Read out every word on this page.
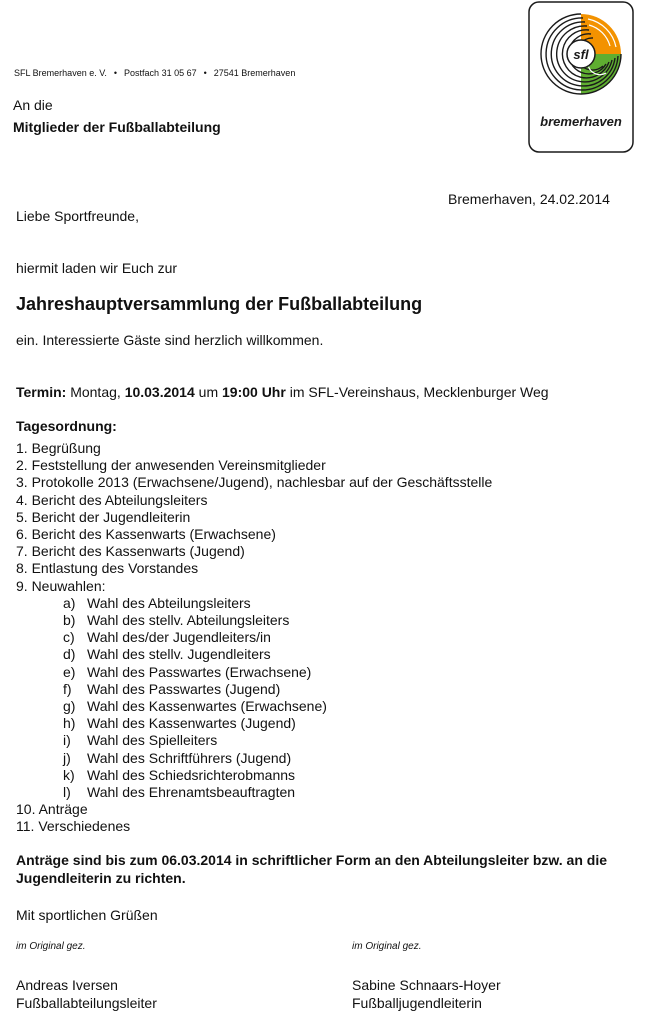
SFL Bremerhaven e. V. • Postfach 31 05 67 • 27541 Bremerhaven
An die
Mitglieder der Fußballabteilung
sfl
bremerhaven
Bremerhaven, 24.02.2014
Liebe Sportfreunde,
hiermit laden wir Euch zur
Jahreshauptversammlung der Fußballabteilung
ein. Interessierte Gäste sind herzlich willkommen.
Termin: Montag, 10.03.2014 um 19:00 Uhr im SFL-Vereinshaus, Mecklenburger Weg
Tagesordnung:
1. Begrüßung
2. Feststellung der anwesenden Vereinsmitglieder
3. Protokolle 2013 (Erwachsene/Jugend), nachlesbar auf der Geschäftsstelle
4. Bericht des Abteilungsleiters
5. Bericht der Jugendleiterin
6. Bericht des Kassenwarts (Erwachsene)
7. Bericht des Kassenwarts (Jugend)
8. Entlastung des Vorstandes
9. Neuwahlen:
a) Wahl des Abteilungsleiters
b) Wahl des stellv. Abteilungsleiters
c) Wahl des/der Jugendleiters/in
d) Wahl des stellv. Jugendleiters
e) Wahl des Passwartes (Erwachsene)
f)	Wahl des Passwartes (Jugend)
g) Wahl des Kassenwartes (Erwachsene)
h) Wahl des Kassenwartes (Jugend)
i)	Wahl des Spielleiters
j)	Wahl des Schriftführers (Jugend)
k) Wahl des Schiedsrichterobmanns
l)	Wahl des Ehrenamtsbeauftragten
10. Anträge
11. Verschiedenes
Anträge sind bis zum 06.03.2014 in schriftlicher Form an den Abteilungsleiter bzw. an die Jugendleiterin zu richten.
Mit sportlichen Grüßen
im Original gez.
Andreas Iversen
Fußballabteilungsleiter
im Original gez.
Sabine Schnaars-Hoyer
Fußballjugendleiterin
